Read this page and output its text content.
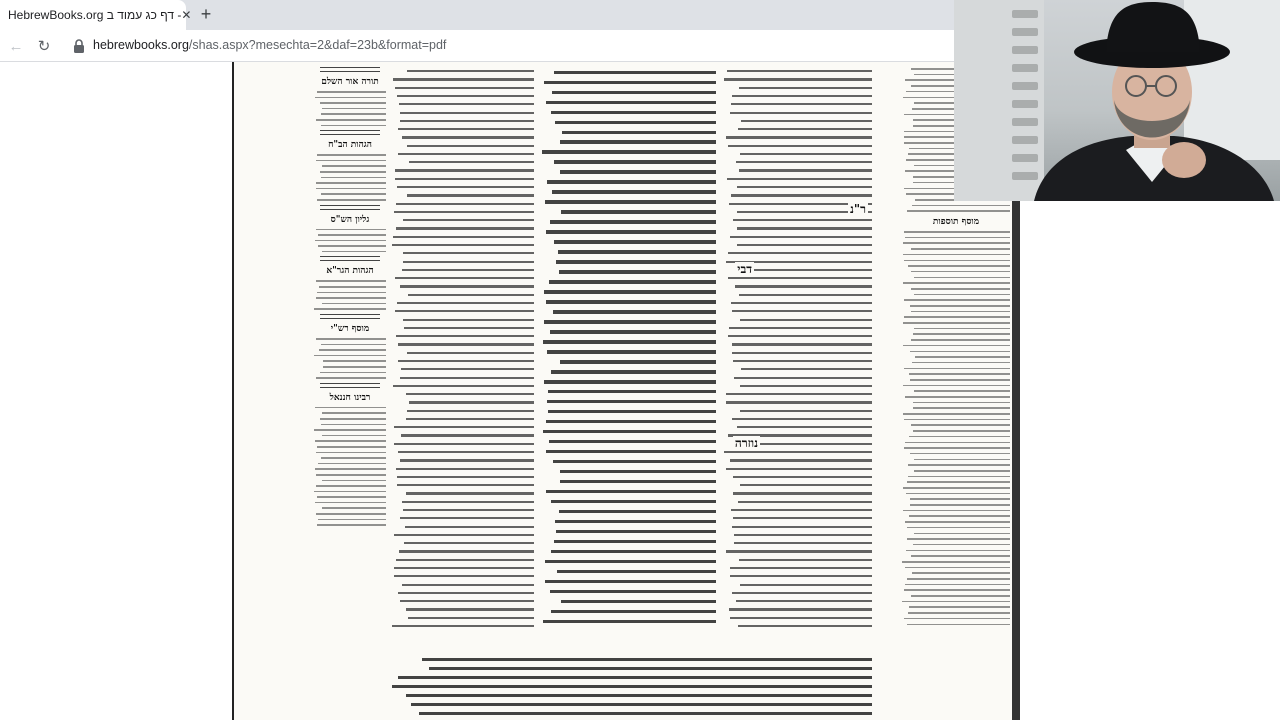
HebrewBooks.org דף כג עמוד ב - ✕ +
← ↻	hebrewbooks.org/shas.aspx?mesechta=2&daf=23b&format=pdf
תורה אור השלם
הגהות הב"ח
גליון הש"ס
הגהות הגר"א
מוסף רש"י
רבינו חננאל
ר"נ
דבי
נוזרה
מוסף תוספות
